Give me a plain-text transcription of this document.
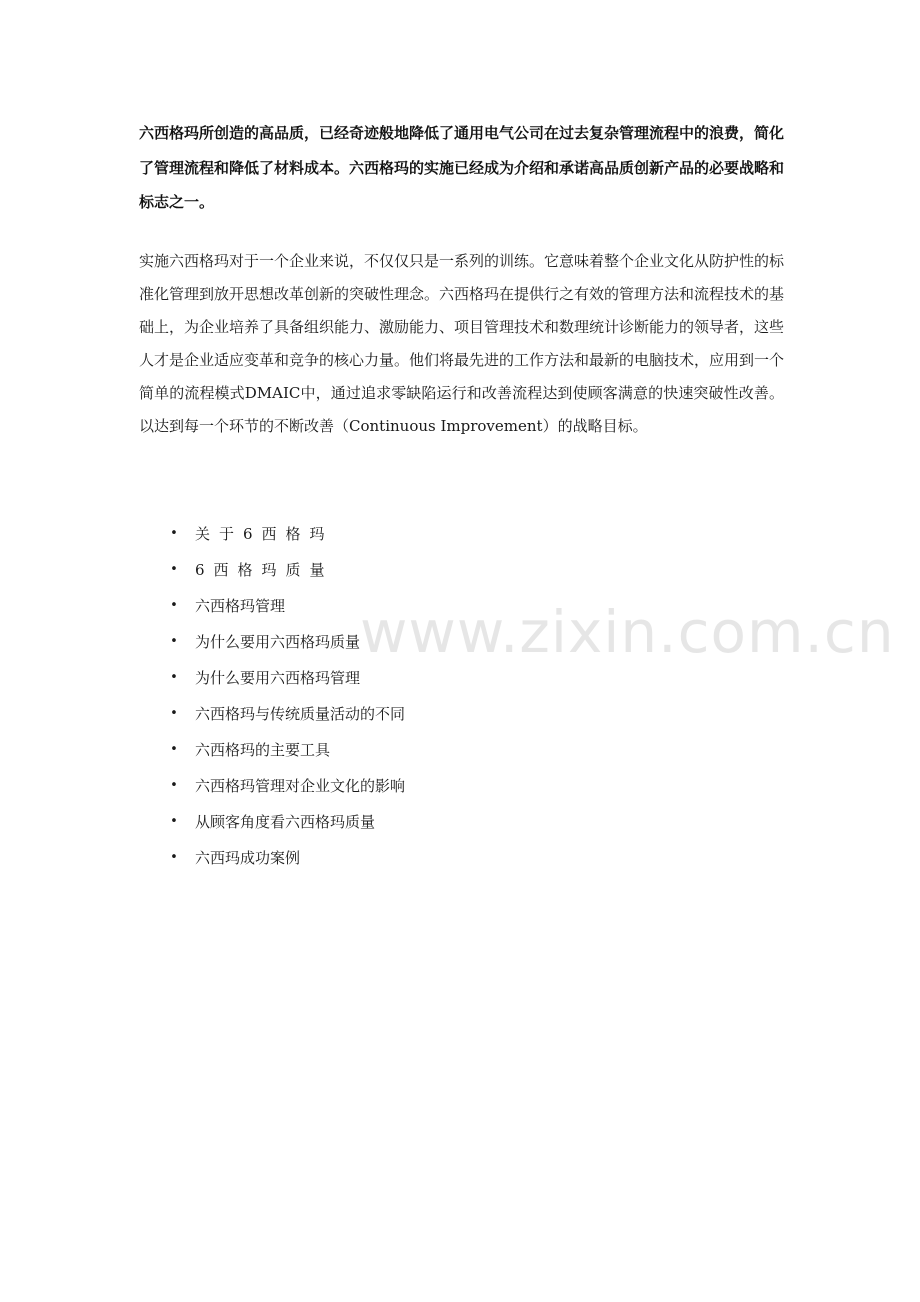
六西格玛所创造的高品质，已经奇迹般地降低了通用电气公司在过去复杂管理流程中的浪费，简化了管理流程和降低了材料成本。六西格玛的实施已经成为介绍和承诺高品质创新产品的必要战略和标志之一。

实施六西格玛对于一个企业来说，不仅仅只是一系列的训练。它意味着整个企业文化从防护性的标准化管理到放开思想改革创新的突破性理念。六西格玛在提供行之有效的管理方法和流程技术的基础上，为企业培养了具备组织能力、激励能力、项目管理技术和数理统计诊断能力的领导者，这些人才是企业适应变革和竞争的核心力量。他们将最先进的工作方法和最新的电脑技术，应用到一个简单的流程模式DMAIC中，通过追求零缺陷运行和改善流程达到使顾客满意的快速突破性改善。以达到每一个环节的不断改善（Continuous Improvement）的战略目标。

• 关于6西格玛
• 6西格玛质量
• 六西格玛管理
• 为什么要用六西格玛质量
• 为什么要用六西格玛管理
• 六西格玛与传统质量活动的不同
• 六西格玛的主要工具
• 六西格玛管理对企业文化的影响
• 从顾客角度看六西格玛质量
• 六西玛成功案例
www.zixin.com.cn
